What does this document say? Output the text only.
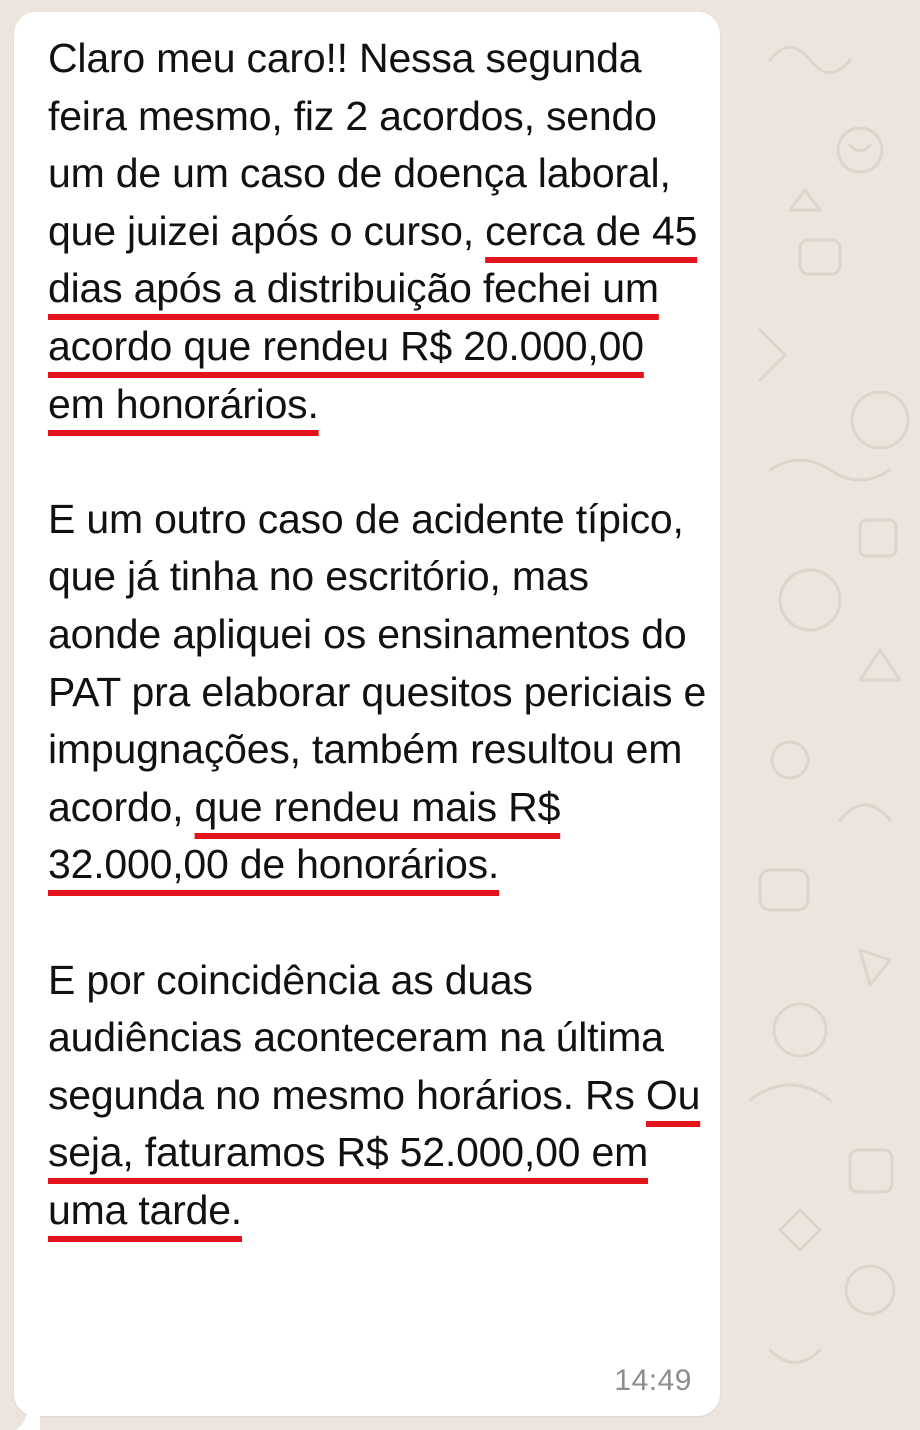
Claro meu caro!! Nessa segunda feira mesmo, fiz 2 acordos, sendo um de um caso de doença laboral, que juizei após o curso, cerca de 45 dias após a distribuição fechei um acordo que rendeu R$ 20.000,00 em honorários.

E um outro caso de acidente típico, que já tinha no escritório, mas aonde apliquei os ensinamentos do PAT pra elaborar quesitos periciais e impugnações, também resultou em acordo, que rendeu mais R$ 32.000,00 de honorários.

E por coincidência as duas audiências aconteceram na última segunda no mesmo horários. Rs Ou seja, faturamos R$ 52.000,00 em uma tarde.

14:49
